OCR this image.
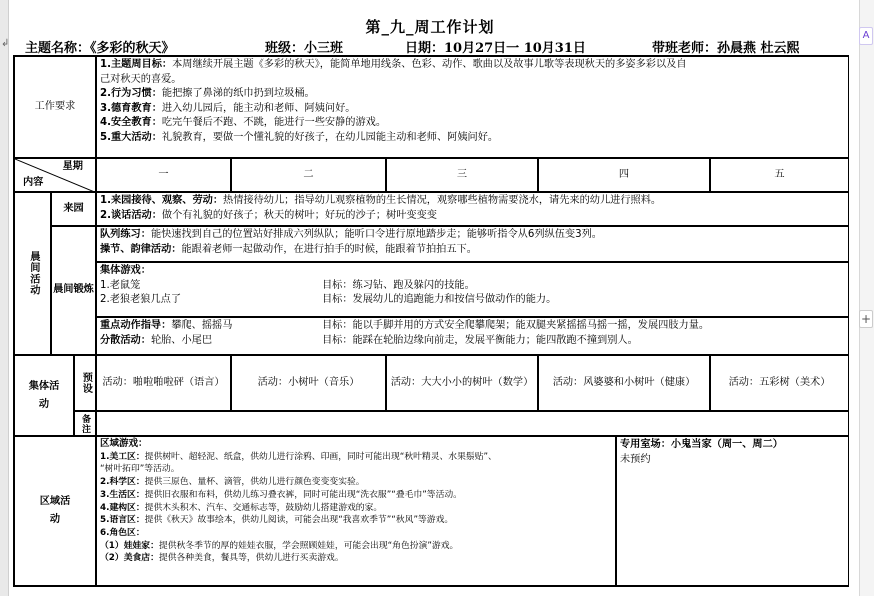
↲
A
+
第_九_周工作计划
主题名称：《多彩的秋天》	班级：小三班	日期：10月27日一 10月31日	带班老师：孙晨燕 杜云熙
工作要求
1.主题周目标：本周继续开展主题《多彩的秋天》，能简单地用线条、色彩、动作、歌曲以及故事儿歌等表现秋天的多姿多彩以及自
己对秋天的喜爱。
2.行为习惯：能把擦了鼻涕的纸巾扔到垃圾桶。
3.德育教育：进入幼儿园后，能主动和老师、阿姨问好。
4.安全教育：吃完午餐后不跑、不跳，能进行一些安静的游戏。
5.重大活动：礼貌教育，要做一个懂礼貌的好孩子，在幼儿园能主动和老师、阿姨问好。
星期
内容
一	二	三	四	五
晨间活动
来园
1.来园接待、观察、劳动：热情接待幼儿；指导幼儿观察植物的生长情况，观察哪些植物需要浇水，请先来的幼儿进行照料。
2.谈话活动：做个有礼貌的好孩子；秋天的树叶；好玩的沙子；树叶变变变
晨间锻炼
队列练习：能快速找到自己的位置站好排成六列纵队；能听口令进行原地踏步走；能够听指令从6列纵伍变3列。
操节、韵律活动：能跟着老师一起做动作，在进行拍手的时候，能跟着节拍拍五下。
集体游戏：
1.老鼠笼	目标：练习钻、跑及躲闪的技能。
2.老狼老狼几点了	目标：发展幼儿的追跑能力和按信号做动作的能力。
重点动作指导：攀爬、摇摇马	目标：能以手脚并用的方式安全爬攀爬架；能双腿夹紧摇摇马摇一摇，发展四肢力量。
分散活动：轮胎、小尾巴	目标：能踩在轮胎边缘向前走，发展平衡能力；能四散跑不撞到别人。
集体活动
预设	活动：啪啦啪啦砰（语言）	活动：小树叶（音乐）	活动：大大小小的树叶（数学）	活动：风婆婆和小树叶（健康）	活动：五彩树（美术）
备注
区域活动
区域游戏：
1.美工区：提供树叶、超轻泥、纸盒，供幼儿进行涂鸦、印画，同时可能出现“秋叶精灵、水果鬃贴”、
“树叶拓印”等活动。
2.科学区：提供三原色、量杯、滴管，供幼儿进行颜色变变变实验。
3.生活区：提供旧衣服和布料，供幼儿练习叠衣裤，同时可能出现“洗衣服”“叠毛巾”等活动。
4.建构区：提供木头积木、汽车、交通标志等，鼓励幼儿搭建游戏的家。
5.语言区：提供《秋天》故事绘本，供幼儿阅读，可能会出现“我喜欢季节”“秋风”等游戏。
6.角色区：
（1）娃娃家：提供秋冬季节的厚的娃娃衣服，学会照顾娃娃，可能会出现“角色扮演”游戏。
（2）美食店：提供各种美食，餐具等，供幼儿进行买卖游戏。
专用室场：小鬼当家（周一、周二）
未预约
